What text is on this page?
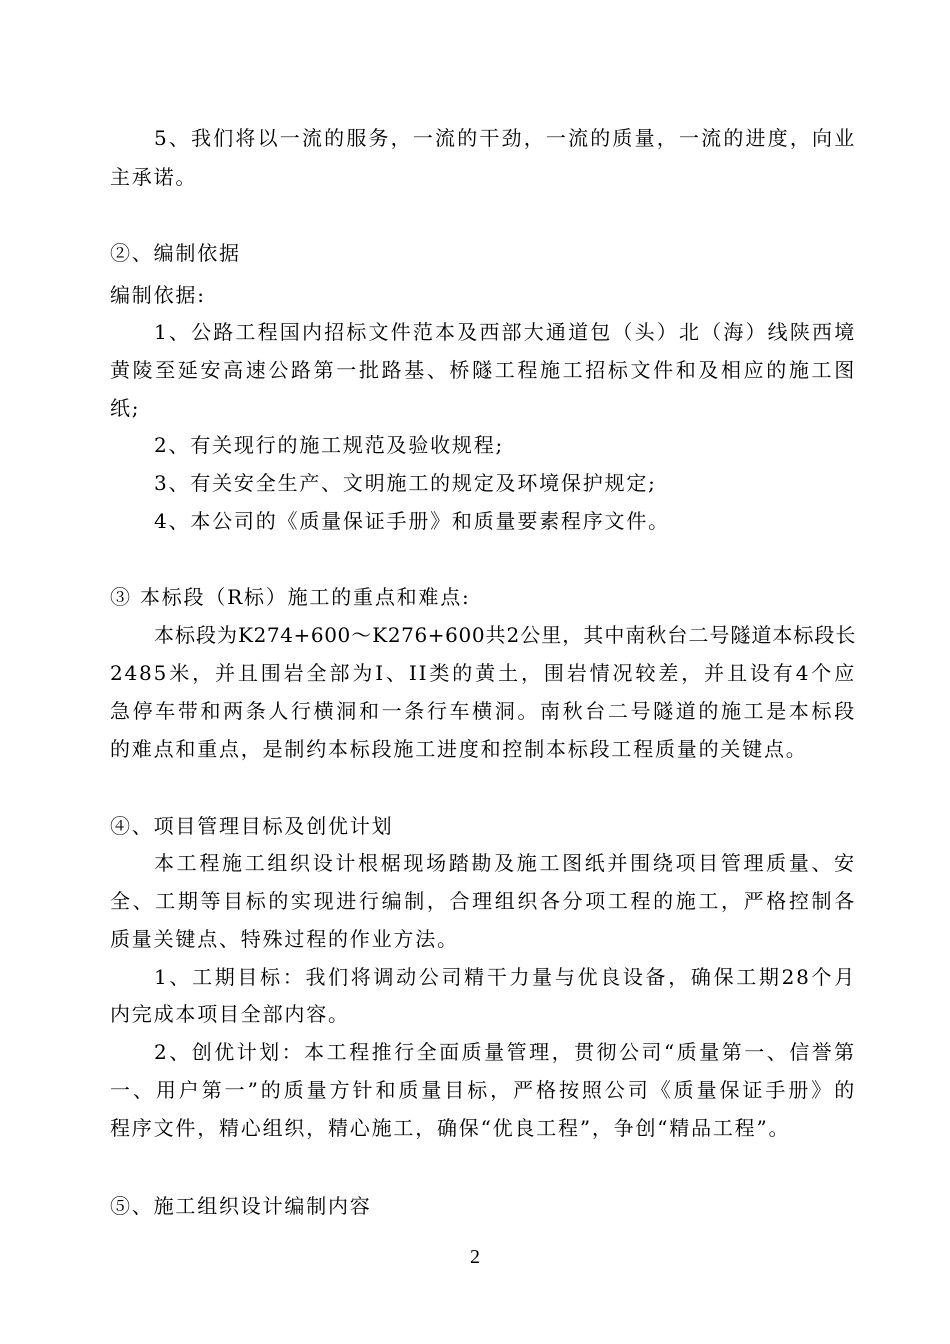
5、我们将以一流的服务，一流的干劲，一流的质量，一流的进度，向业
主承诺。
②、编制依据
编制依据:
1、公路工程国内招标文件范本及西部大通道包（头）北（海）线陕西境
黄陵至延安高速公路第一批路基、桥隧工程施工招标文件和及相应的施工图
纸;
2、有关现行的施工规范及验收规程;
3、有关安全生产、文明施工的规定及环境保护规定;
4、本公司的《质量保证手册》和质量要素程序文件。
③ 本标段（R标）施工的重点和难点:
本标段为K274+600～K276+600共2公里，其中南秋台二号隧道本标段长
2485米，并且围岩全部为I、II类的黄土，围岩情况较差，并且设有4个应
急停车带和两条人行横洞和一条行车横洞。南秋台二号隧道的施工是本标段
的难点和重点，是制约本标段施工进度和控制本标段工程质量的关键点。
④、项目管理目标及创优计划
本工程施工组织设计根椐现场踏勘及施工图纸并围绕项目管理质量、安
全、工期等目标的实现进行编制，合理组织各分项工程的施工，严格控制各
质量关键点、特殊过程的作业方法。
1、工期目标：我们将调动公司精干力量与优良设备，确保工期28个月
内完成本项目全部内容。
2、创优计划：本工程推行全面质量管理，贯彻公司“质量第一、信誉第
一、用户第一”的质量方针和质量目标，严格按照公司《质量保证手册》的
程序文件，精心组织，精心施工，确保“优良工程”，争创“精品工程”。
⑤、施工组织设计编制内容
2
